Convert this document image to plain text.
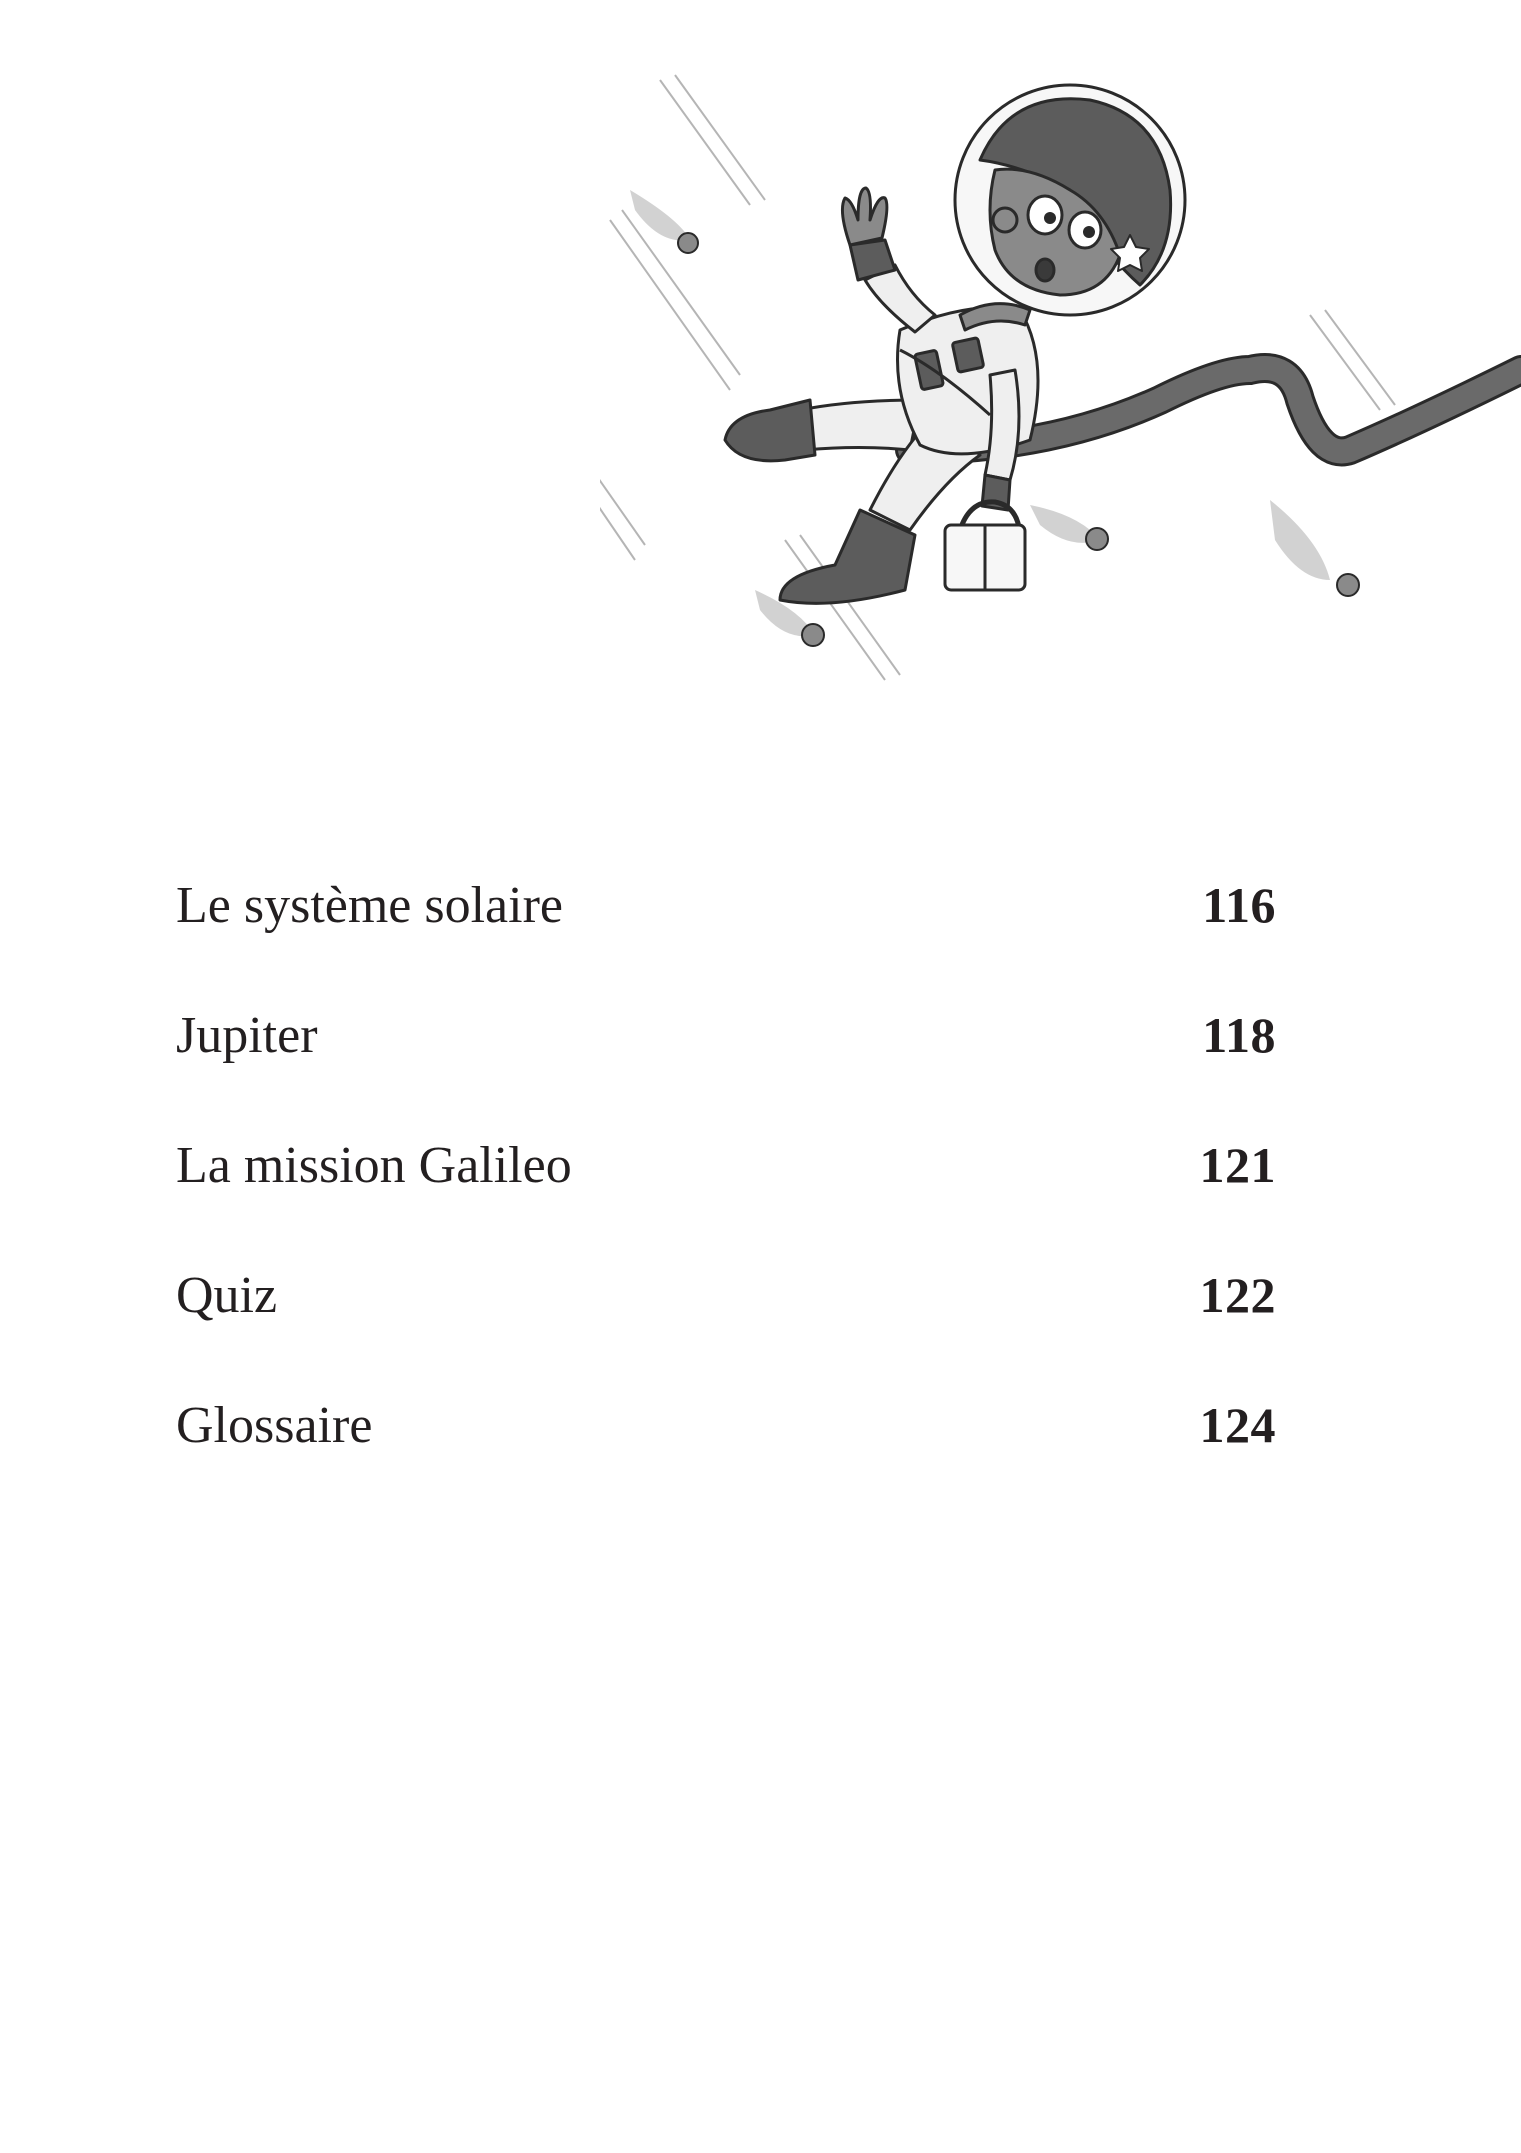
Le système solaire	116
Jupiter	118
La mission Galileo	121
Quiz	122
Glossaire	124
